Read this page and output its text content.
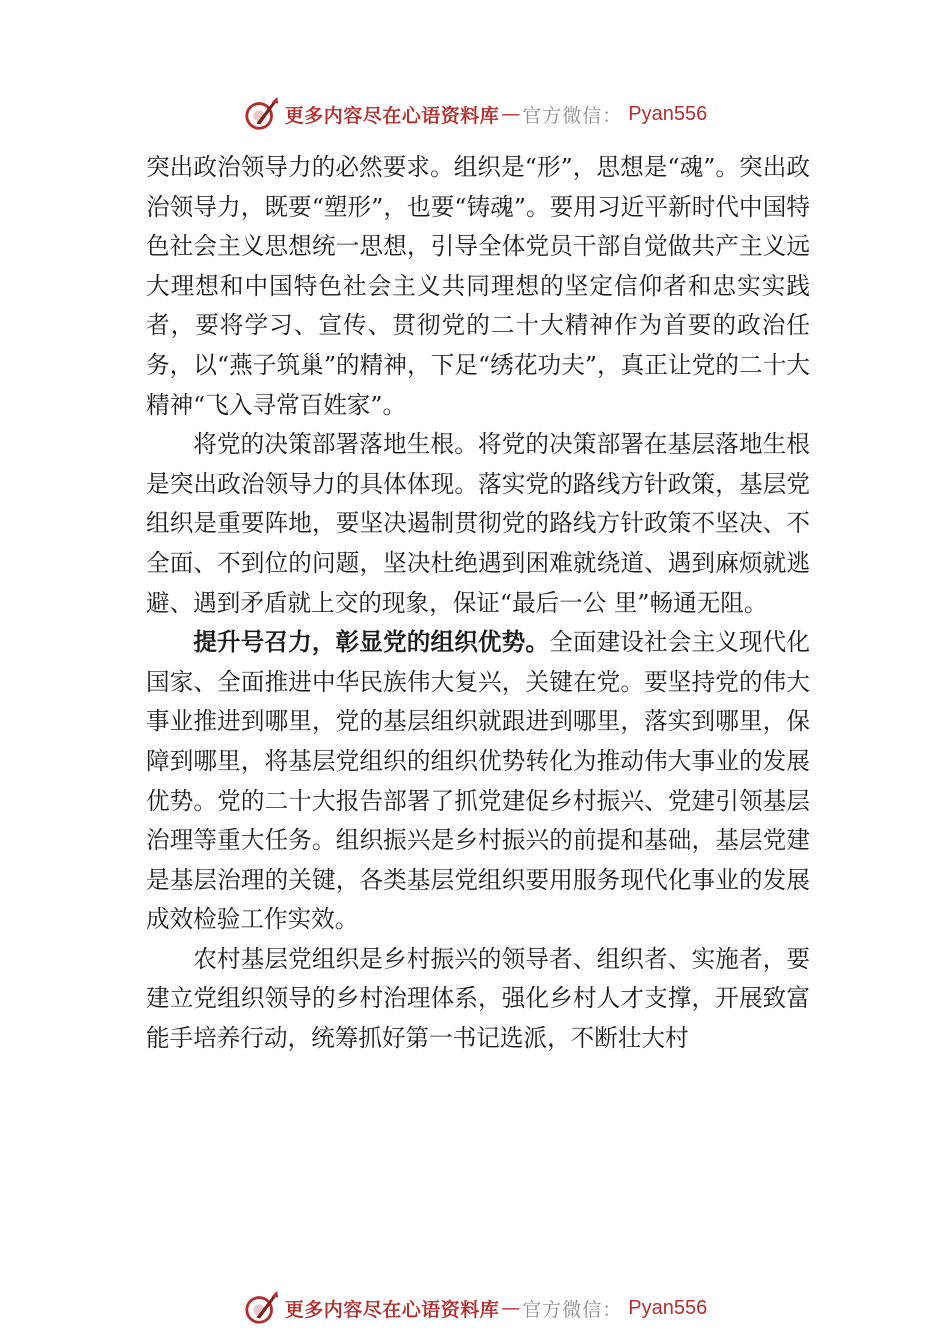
更多内容尽在心语资料库 — 官方微信： Pyan556

突出政治领导力的必然要求。组织是“形”，思想是“魂”。突出政治领导力，既要“塑形”，也要“铸魂”。要用习近平新时代中国特色社会主义思想统一思想，引导全体党员干部自觉做共产主义远大理想和中国特色社会主义共同理想的坚定信仰者和忠实实践者，要将学习、宣传、贯彻党的二十大精神作为首要的政治任务，以“燕子筑巢”的精神，下足“绣花功夫”，真正让党的二十大精神“飞入寻常百姓家”。

将党的决策部署落地生根。将党的决策部署在基层落地生根是突出政治领导力的具体体现。落实党的路线方针政策，基层党组织是重要阵地，要坚决遏制贯彻党的路线方针政策不坚决、不全面、不到位的问题，坚决杜绝遇到困难就绕道、遇到麻烦就逃避、遇到矛盾就上交的现象，保证“最后一公 里”畅通无阻。

提升号召力，彰显党的组织优势。全面建设社会主义现代化国家、全面推进中华民族伟大复兴，关键在党。要坚持党的伟大事业推进到哪里，党的基层组织就跟进到哪里，落实到哪里，保障到哪里，将基层党组织的组织优势转化为推动伟大事业的发展优势。党的二十大报告部署了抓党建促乡村振兴、党建引领基层治理等重大任务。组织振兴是乡村振兴的前提和基础，基层党建是基层治理的关键，各类基层党组织要用服务现代化事业的发展成效检验工作实效。

农村基层党组织是乡村振兴的领导者、组织者、实施者，要建立党组织领导的乡村治理体系，强化乡村人才支撑，开展致富能手培养行动，统筹抓好第一书记选派，不断壮大村

更多内容尽在心语资料库 — 官方微信： Pyan556
